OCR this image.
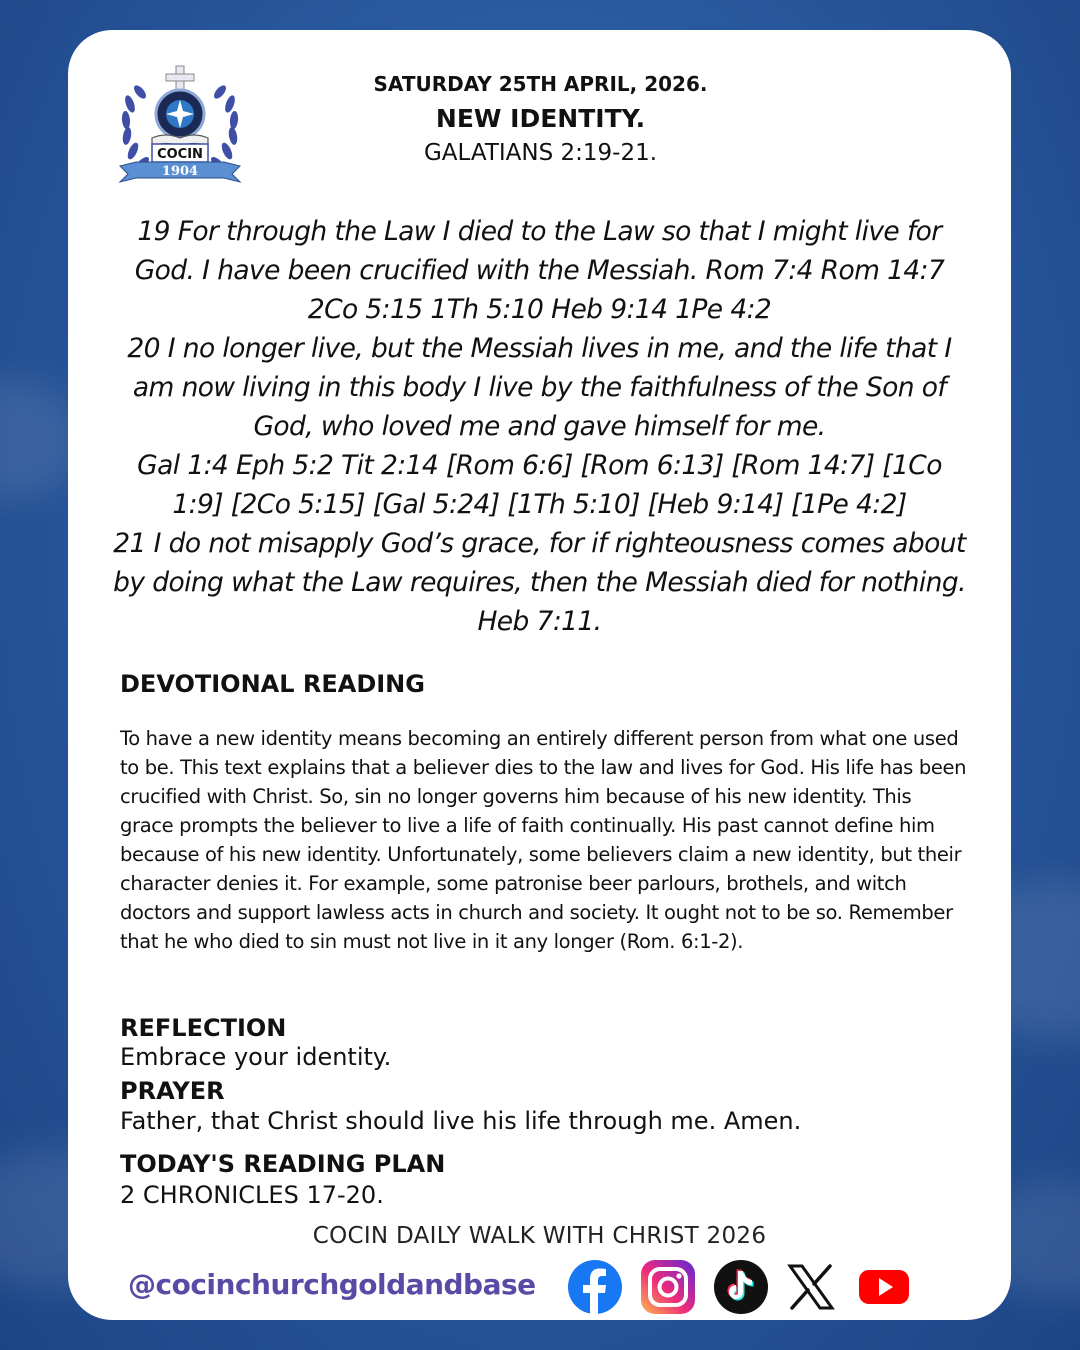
COCIN
1904
SATURDAY 25TH APRIL, 2026.
NEW IDENTITY.
GALATIANS 2:19-21.

19 For through the Law I died to the Law so that I might live for God. I have been crucified with the Messiah. Rom 7:4 Rom 14:7 2Co 5:15 1Th 5:10 Heb 9:14 1Pe 4:2

20 I no longer live, but the Messiah lives in me, and the life that I am now living in this body I live by the faithfulness of the Son of God, who loved me and gave himself for me.

Gal 1:4 Eph 5:2 Tit 2:14 [Rom 6:6] [Rom 6:13] [Rom 14:7] [1Co 1:9] [2Co 5:15] [Gal 5:24] [1Th 5:10] [Heb 9:14] [1Pe 4:2]

21 I do not misapply God’s grace, for if righteousness comes about by doing what the Law requires, then the Messiah died for nothing. Heb 7:11.

DEVOTIONAL READING
To have a new identity means becoming an entirely different person from what one used to be. This text explains that a believer dies to the law and lives for God. His life has been crucified with Christ. So, sin no longer governs him because of his new identity. This grace prompts the believer to live a life of faith continually. His past cannot define him because of his new identity. Unfortunately, some believers claim a new identity, but their character denies it. For example, some patronise beer parlours, brothels, and witch doctors and support lawless acts in church and society. It ought not to be so. Remember that he who died to sin must not live in it any longer (Rom. 6:1-2).
REFLECTION
Embrace your identity.
PRAYER
Father, that Christ should live his life through me. Amen.
TODAY'S READING PLAN
2 CHRONICLES 17-20.
COCIN DAILY WALK WITH CHRIST 2026
@cocinchurchgoldandbase
